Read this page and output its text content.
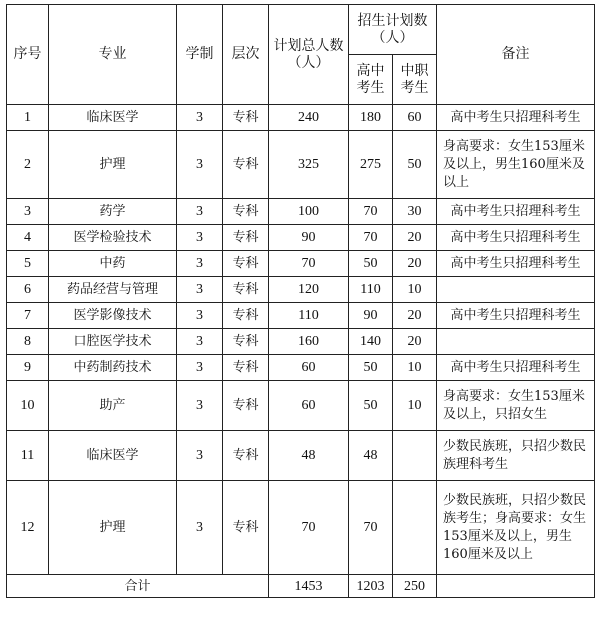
序号	专业	学制	层次	计划总人数（人）	招生计划数（人）		备注
					高中考生	中职考生	
1	临床医学	3	专科	240	180	60	高中考生只招理科考生
2	护理	3	专科	325	275	50	身高要求：女生153厘米及以上，男生160厘米及以上
3	药学	3	专科	100	70	30	高中考生只招理科考生
4	医学检验技术	3	专科	90	70	20	高中考生只招理科考生
5	中药	3	专科	70	50	20	高中考生只招理科考生
6	药品经营与管理	3	专科	120	110	10	
7	医学影像技术	3	专科	110	90	20	高中考生只招理科考生
8	口腔医学技术	3	专科	160	140	20	
9	中药制药技术	3	专科	60	50	10	高中考生只招理科考生
10	助产	3	专科	60	50	10	身高要求：女生153厘米及以上，只招女生
11	临床医学	3	专科	48	48		少数民族班，只招少数民族理科考生
12	护理	3	专科	70	70		少数民族班，只招少数民族考生；身高要求：女生153厘米及以上，男生160厘米及以上
合计				1453	1203	250	
